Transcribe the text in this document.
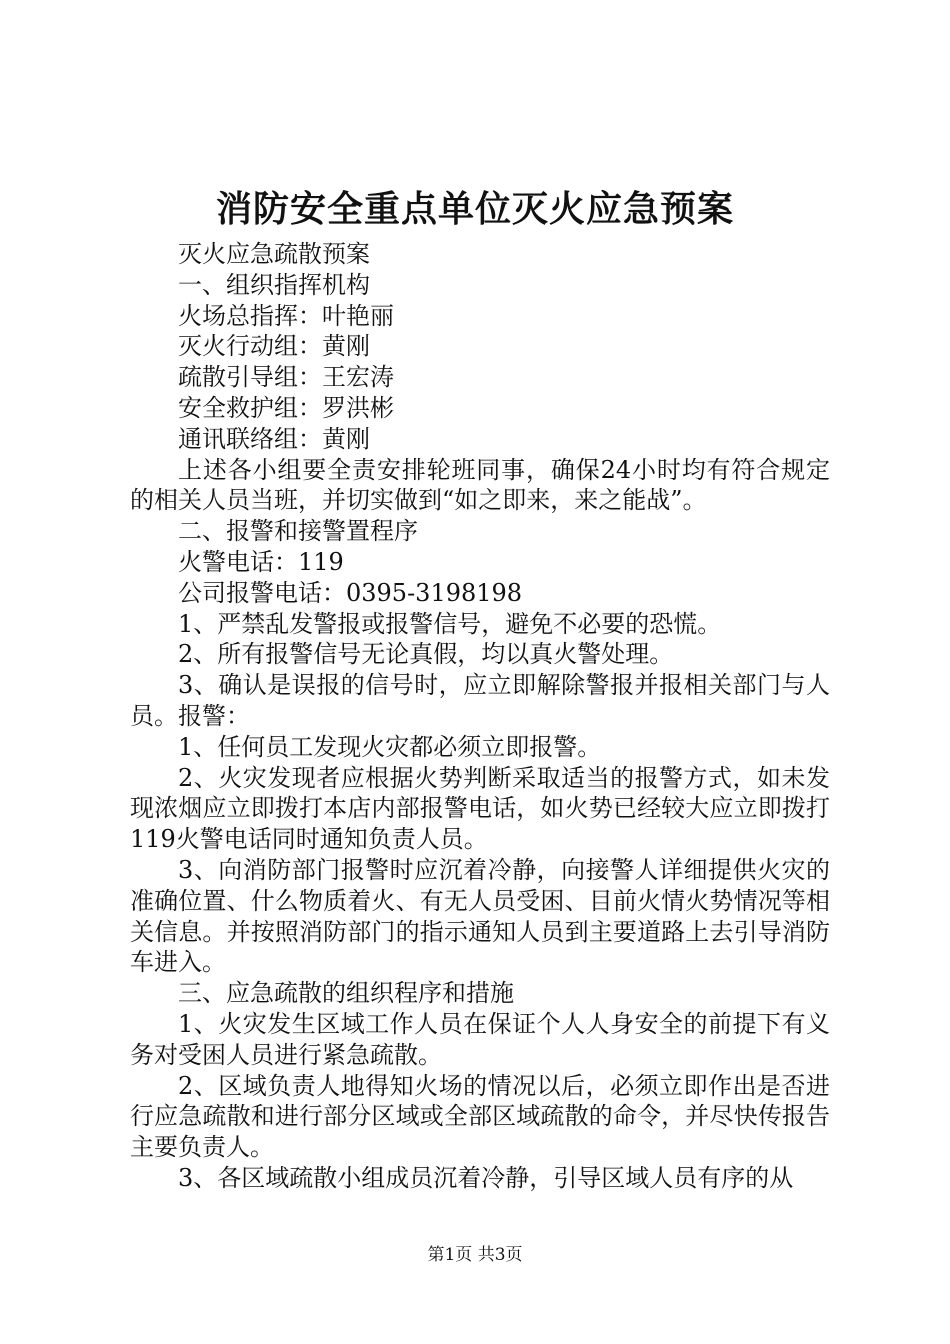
消防安全重点单位灭火应急预案

灭火应急疏散预案

一、组织指挥机构

火场总指挥：叶艳丽

灭火行动组：黄刚

疏散引导组：王宏涛

安全救护组：罗洪彬

通讯联络组：黄刚

上述各小组要全责安排轮班同事，确保24小时均有符合规定的相关人员当班，并切实做到“如之即来，来之能战”。

二、报警和接警置程序

火警电话：119

公司报警电话：0395-3198198

1、严禁乱发警报或报警信号，避免不必要的恐慌。

2、所有报警信号无论真假，均以真火警处理。

3、确认是误报的信号时，应立即解除警报并报相关部门与人员。报警：

1、任何员工发现火灾都必须立即报警。

2、火灾发现者应根据火势判断采取适当的报警方式，如未发现浓烟应立即拨打本店内部报警电话，如火势已经较大应立即拨打119火警电话同时通知负责人员。

3、向消防部门报警时应沉着冷静，向接警人详细提供火灾的准确位置、什么物质着火、有无人员受困、目前火情火势情况等相关信息。并按照消防部门的指示通知人员到主要道路上去引导消防车进入。

三、应急疏散的组织程序和措施

1、火灾发生区域工作人员在保证个人人身安全的前提下有义务对受困人员进行紧急疏散。

2、区域负责人地得知火场的情况以后，必须立即作出是否进行应急疏散和进行部分区域或全部区域疏散的命令，并尽快传报告主要负责人。

3、各区域疏散小组成员沉着冷静，引导区域人员有序的从

第1页 共3页
